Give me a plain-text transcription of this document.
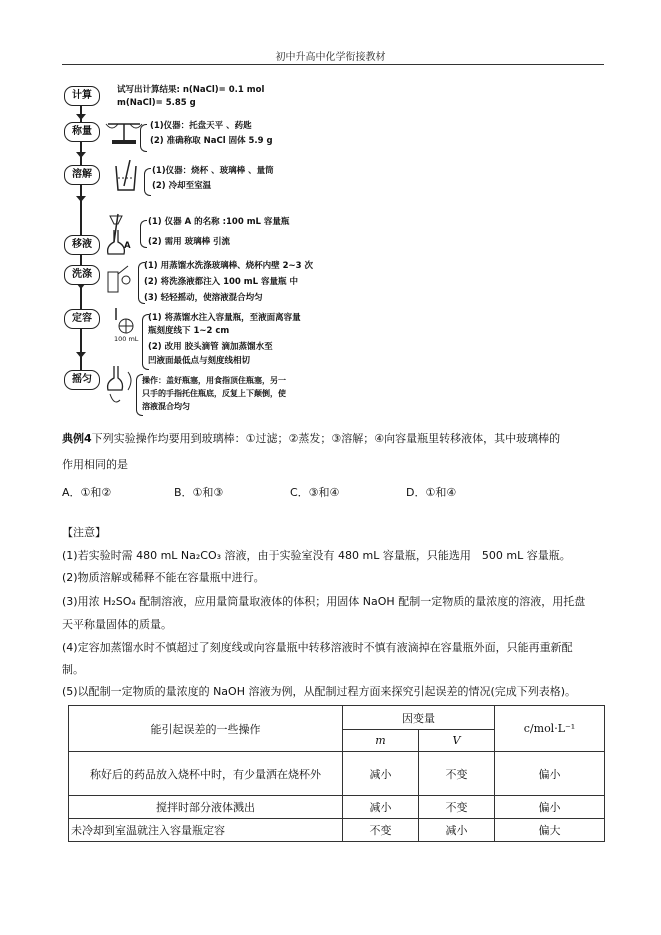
初中升高中化学衔接教材
计算	试写出计算结果: n(NaCl)= 0.1 mol
m(NaCl)= 5.85 g
称量	(1)仪器：托盘天平 、药匙
(2) 准确称取 NaCl 固体 5.9 g
溶解	(1)仪器：烧杯 、玻璃棒 、量筒
(2) 冷却至室温
移液	A
(1) 仪器 A 的名称 :100 mL 容量瓶
(2) 需用 玻璃棒 引流
洗涤
(1) 用蒸馏水洗涤玻璃棒、烧杯内壁 2~3 次
(2) 将洗涤液都注入 100 mL 容量瓶 中
(3) 轻轻摇动，使溶液混合均匀
定容
100 mL
(1) 将蒸馏水注入容量瓶，至液面离容量
瓶刻度线下 1~2 cm
(2) 改用 胶头滴管 滴加蒸馏水至
凹液面最低点与刻度线相切
摇匀	操作：盖好瓶塞，用食指顶住瓶塞，另一
只手的手指托住瓶底，反复上下颠倒，使
溶液混合均匀
典例4下列实验操作均要用到玻璃棒：①过滤；②蒸发；③溶解；④向容量瓶里转移液体，其中玻璃棒的
作用相同的是
A．①和②	B．①和③	C．③和④	D．①和④
【注意】
(1)若实验时需 480 mL Na₂CO₃ 溶液，由于实验室没有 480 mL 容量瓶，只能选用　500 mL 容量瓶。
(2)物质溶解或稀释不能在容量瓶中进行。
(3)用浓 H₂SO₄ 配制溶液，应用量筒量取液体的体积；用固体 NaOH 配制一定物质的量浓度的溶液，用托盘
天平称量固体的质量。
(4)定容加蒸馏水时不慎超过了刻度线或向容量瓶中转移溶液时不慎有液滴掉在容量瓶外面，只能再重新配
制。
(5)以配制一定物质的量浓度的 NaOH 溶液为例，从配制过程方面来探究引起误差的情况(完成下列表格)。
能引起误差的一些操作	因变量		c/mol·L⁻¹
	m	V	
称好后的药品放入烧杯中时，有少量洒在烧杯外	减小	不变	偏小
搅拌时部分液体溅出	减小	不变	偏小
未冷却到室温就注入容量瓶定容	不变	减小	偏大
